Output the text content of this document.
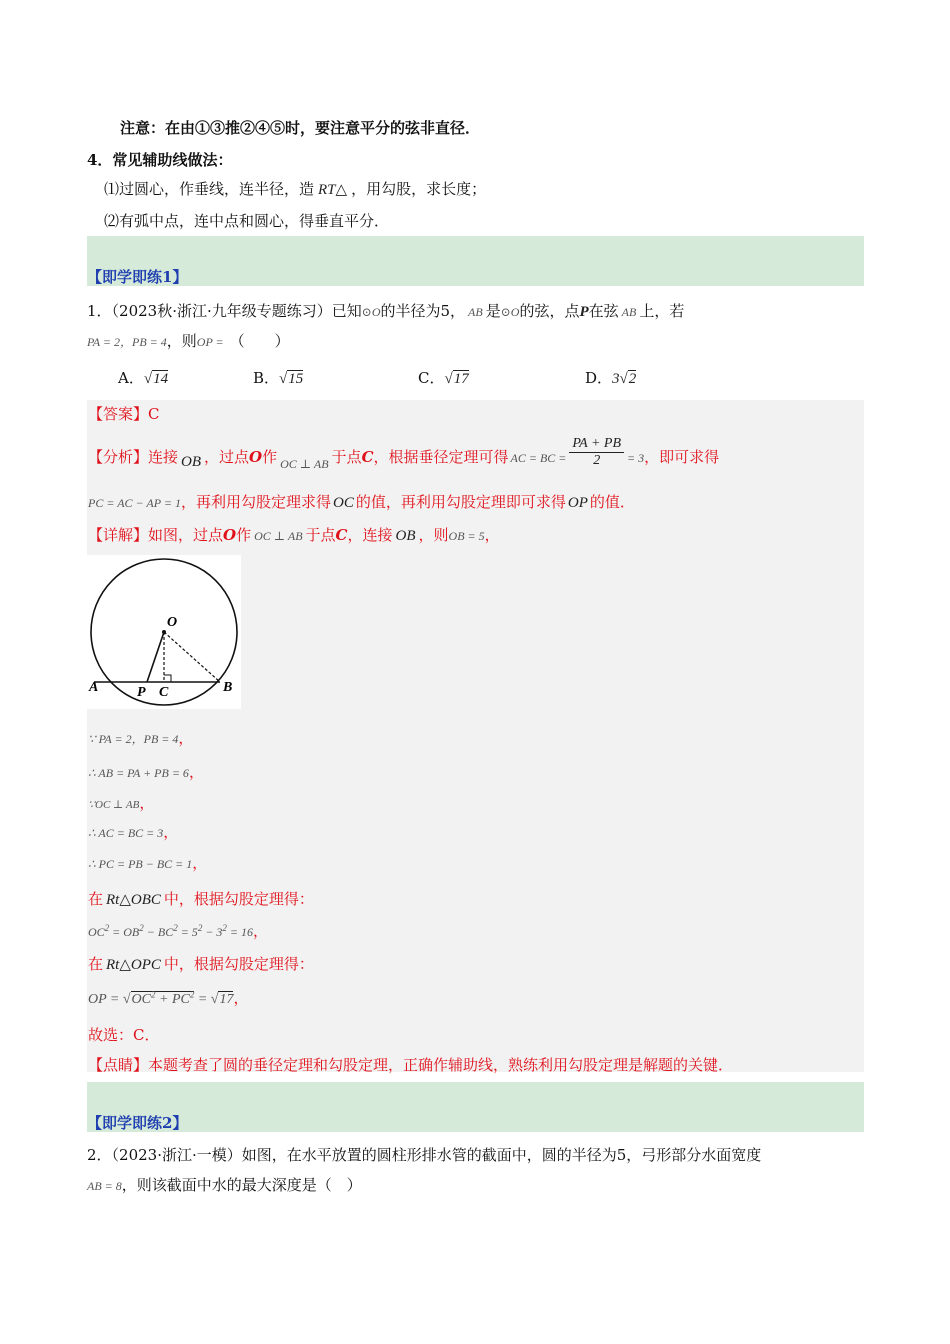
注意：在由①③推②④⑤时，要注意平分的弦非直径．
4．常见辅助线做法：
⑴过圆心，作垂线，连半径，造 RT△ ，用勾股，求长度；
⑵有弧中点，连中点和圆心，得垂直平分．
【即学即练1】
1．（2023秋·浙江·九年级专题练习）已知⊙O的半径为5， AB 是⊙O的弦，点P在弦 AB 上，若
PA = 2，PB = 4，则OP = （　　）
A．√14	B．√15	C．√17	D．3√2
【答案】C
【分析】连接 OB ，过点O作 $_{OC \perp AB}$ 于点C，根据垂径定理可得 AC = BC = $\frac{PA + PB}{2} = 3$，即可求得
PC = AC − AP = 1，再利用勾股定理求得 OC 的值，再利用勾股定理即可求得 OP 的值．
【详解】如图，过点O作 OC ⊥ AB 于点C，连接 OB ，则OB = 5，
O
A	P C	B
∵ PA = 2，PB = 4，
∴ AB = PA + PB = 6，
∵OC ⊥ AB，
∴ AC = BC = 3，
∴ PC = PB − BC = 1，
在 Rt△OBC 中，根据勾股定理得：
$OC^2 = OB^2 - BC^2 = 5^2 - 3^2 = 16$，
在 Rt△OPC 中，根据勾股定理得：
OP = $√OC^2 + PC^2 = √17$，
故选：C．
【点睛】本题考查了圆的垂径定理和勾股定理，正确作辅助线，熟练利用勾股定理是解题的关键．
【即学即练2】
2．（2023·浙江·一模）如图，在水平放置的圆柱形排水管的截面中，圆的半径为5，弓形部分水面宽度
AB = 8，则该截面中水的最大深度是（　）
